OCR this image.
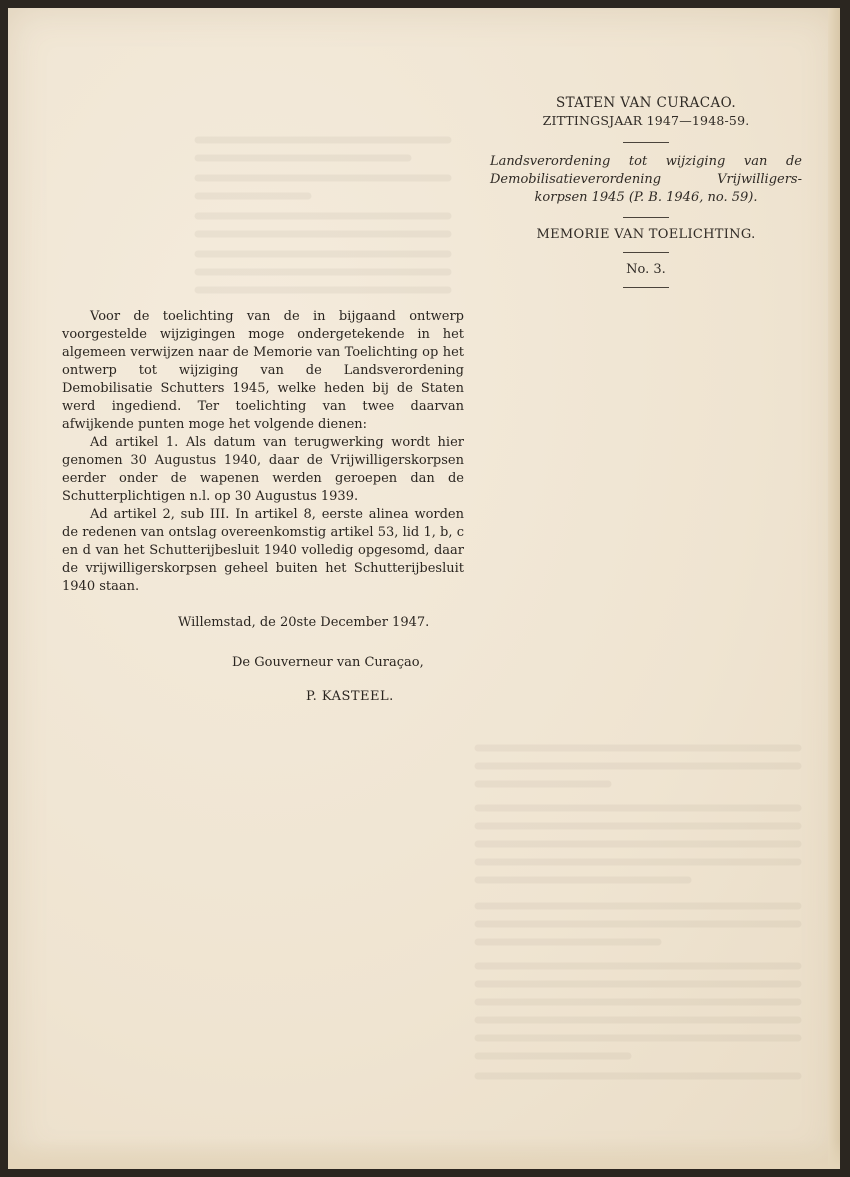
STATEN VAN CURACAO.
ZITTINGSJAAR 1947—1948-59.
Landsverordening tot wijziging van de Demobilisatieverordening Vrijwilligers-korpsen 1945 (P. B. 1946, no. 59).
MEMORIE VAN TOELICHTING.
No. 3.

Voor de toelichting van de in bijgaand ontwerp voorgestelde wijzigingen moge ondergetekende in het algemeen verwijzen naar de Memorie van Toelichting op het ontwerp tot wijziging van de Landsverordening Demobilisatie Schutters 1945, welke heden bij de Staten werd ingediend. Ter toelichting van twee daarvan afwijkende punten moge het volgende dienen:

Ad artikel 1. Als datum van terugwerking wordt hier genomen 30 Augustus 1940, daar de Vrijwilligerskorpsen eerder onder de wapenen werden geroepen dan de Schutterplichtigen n.l. op 30 Augustus 1939.

Ad artikel 2, sub III. In artikel 8, eerste alinea worden de redenen van ontslag overeenkomstig artikel 53, lid 1, b, c en d van het Schutterijbesluit 1940 volledig opgesomd, daar de vrijwilligerskorpsen geheel buiten het Schutterijbesluit 1940 staan.

Willemstad, de 20ste December 1947.
De Gouverneur van Curaçao,
P. KASTEEL.
